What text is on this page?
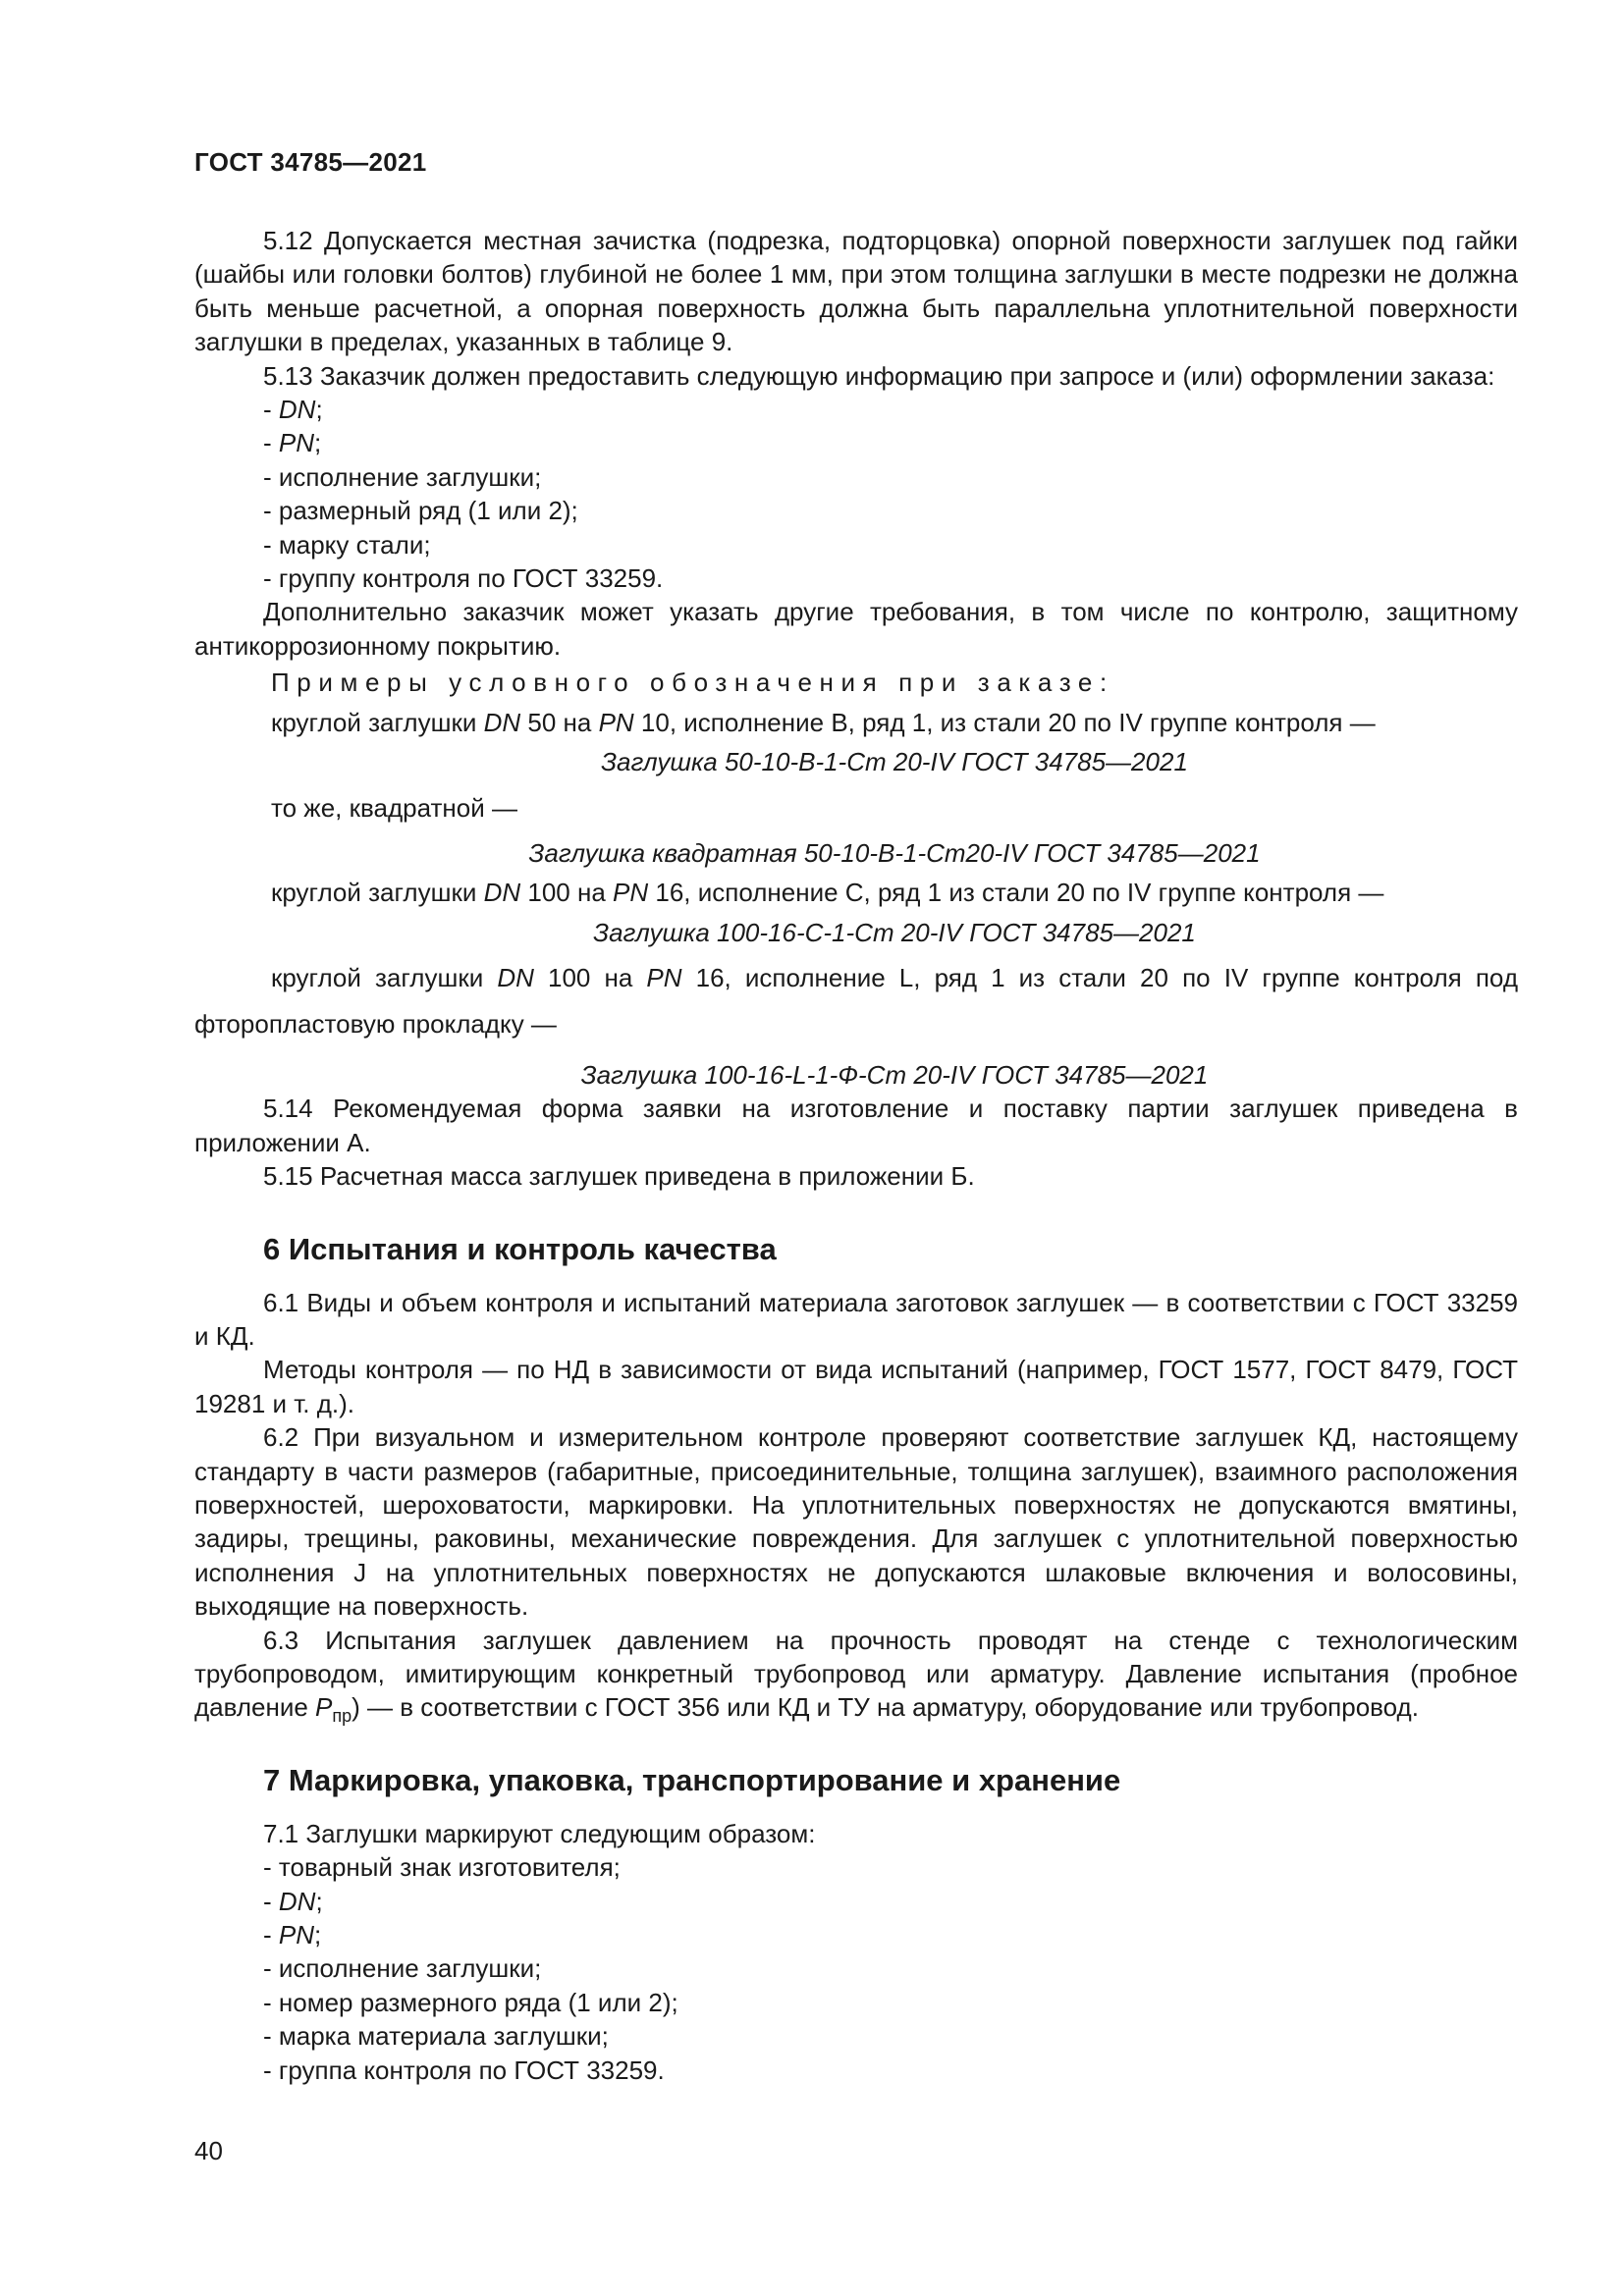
ГОСТ 34785—2021

5.12 Допускается местная зачистка (подрезка, подторцовка) опорной поверхности заглушек под гайки (шайбы или головки болтов) глубиной не более 1 мм, при этом толщина заглушки в месте подрезки не должна быть меньше расчетной, а опорная поверхность должна быть параллельна уплотнительной поверхности заглушки в пределах, указанных в таблице 9.

5.13 Заказчик должен предоставить следующую информацию при запросе и (или) оформлении заказа:

- DN;

- PN;

- исполнение заглушки;

- размерный ряд (1 или 2);

- марку стали;

- группу контроля по ГОСТ 33259.

Дополнительно заказчик может указать другие требования, в том числе по контролю, защитному антикоррозионному покрытию.

Примеры условного обозначения при заказе:

круглой заглушки DN 50 на PN 10, исполнение B, ряд 1, из стали 20 по IV группе контроля —

Заглушка 50-10-В-1-Ст 20-IV ГОСТ 34785—2021

то же, квадратной —

Заглушка квадратная 50-10-В-1-Ст20-IV ГОСТ 34785—2021

круглой заглушки DN 100 на PN 16, исполнение C, ряд 1 из стали 20 по IV группе контроля —

Заглушка 100-16-С-1-Ст 20-IV ГОСТ 34785—2021

круглой заглушки DN 100 на PN 16, исполнение L, ряд 1 из стали 20 по IV группе контроля под

фторопластовую прокладку —

Заглушка 100-16-L-1-Ф-Ст 20-IV ГОСТ 34785—2021

5.14 Рекомендуемая форма заявки на изготовление и поставку партии заглушек приведена в приложении А.

5.15 Расчетная масса заглушек приведена в приложении Б.

6 Испытания и контроль качества

6.1 Виды и объем контроля и испытаний материала заготовок заглушек — в соответствии с ГОСТ 33259 и КД.

Методы контроля — по НД в зависимости от вида испытаний (например, ГОСТ 1577, ГОСТ 8479, ГОСТ 19281 и т. д.).

6.2 При визуальном и измерительном контроле проверяют соответствие заглушек КД, настоящему стандарту в части размеров (габаритные, присоединительные, толщина заглушек), взаимного расположения поверхностей, шероховатости, маркировки. На уплотнительных поверхностях не допускаются вмятины, задиры, трещины, раковины, механические повреждения. Для заглушек с уплотнительной поверхностью исполнения J на уплотнительных поверхностях не допускаются шлаковые включения и волосовины, выходящие на поверхность.

6.3 Испытания заглушек давлением на прочность проводят на стенде с технологическим трубопроводом, имитирующим конкретный трубопровод или арматуру. Давление испытания (пробное давление $P_{пр}$) — в соответствии с ГОСТ 356 или КД и ТУ на арматуру, оборудование или трубопровод.

7 Маркировка, упаковка, транспортирование и хранение

7.1 Заглушки маркируют следующим образом:

- товарный знак изготовителя;

- DN;

- PN;

- исполнение заглушки;

- номер размерного ряда (1 или 2);

- марка материала заглушки;

- группа контроля по ГОСТ 33259.

40
